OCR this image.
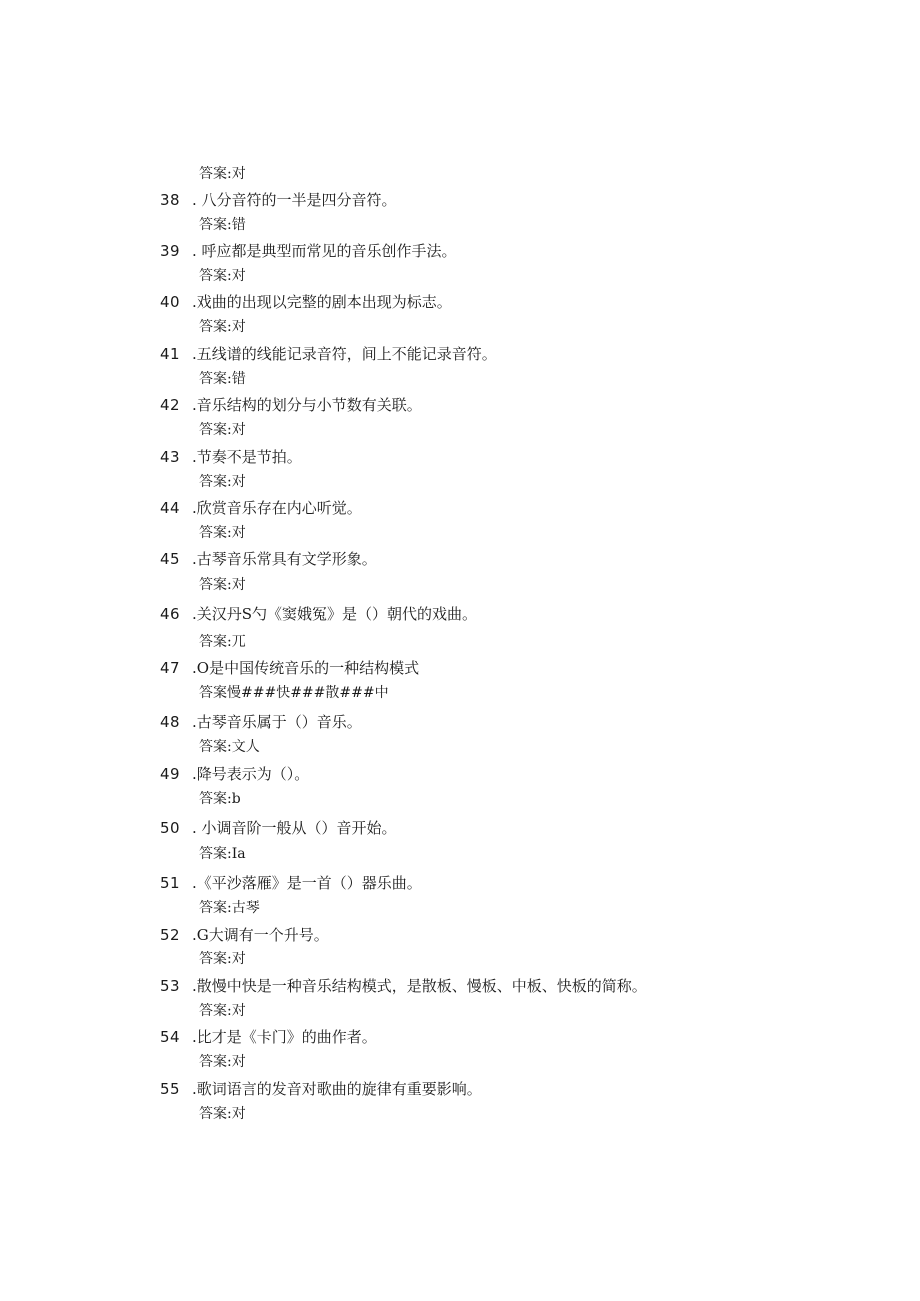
答案:对
38 . 八分音符的一半是四分音符。
答案:错
39 . 呼应都是典型而常见的音乐创作手法。
答案:对
40 .戏曲的出现以完整的剧本出现为标志。
答案:对
41 .五线谱的线能记录音符，间上不能记录音符。
答案:错
42 .音乐结构的划分与小节数有关联。
答案:对
43 .节奏不是节拍。
答案:对
44 .欣赏音乐存在内心听觉。
答案:对
45 .古琴音乐常具有文学形象。
答案:对
46 .关汉丹S勺《窦娥冤》是（）朝代的戏曲。
答案:兀
47 .O是中国传统音乐的一种结构模式
答案慢###快###散###中
48 .古琴音乐属于（）音乐。
答案:文人
49 .降号表示为（）。
答案:b
50 . 小调音阶一般从（）音开始。
答案:Ia
51 .《平沙落雁》是一首（）器乐曲。
答案:古琴
52 .G大调有一个升号。
答案:对
53 .散慢中快是一种音乐结构模式，是散板、慢板、中板、快板的简称。
答案:对
54 .比才是《卡门》的曲作者。
答案:对
55 .歌词语言的发音对歌曲的旋律有重要影响。
答案:对
